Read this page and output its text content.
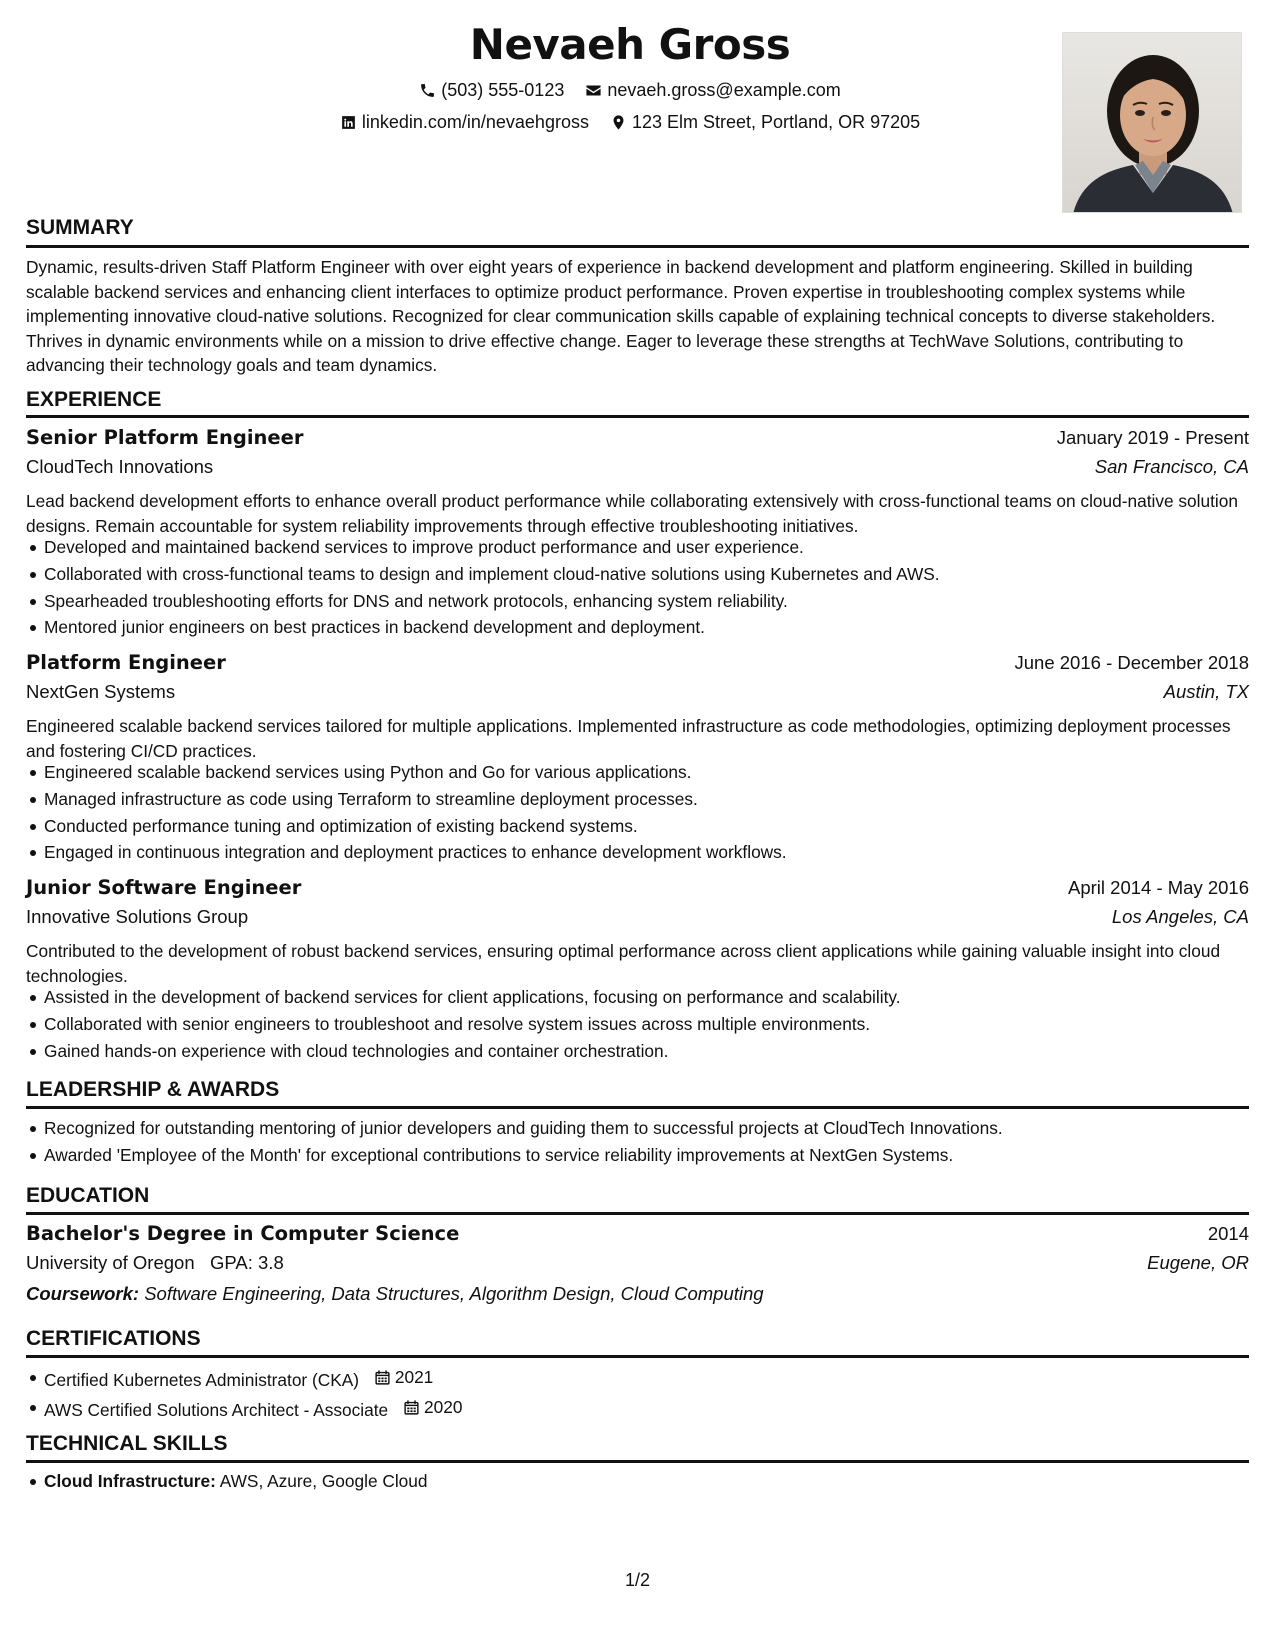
Nevaeh Gross
(503) 555-0123
nevaeh.gross@example.com
linkedin.com/in/nevaehgross
123 Elm Street, Portland, OR 97205
SUMMARY
Dynamic, results-driven Staff Platform Engineer with over eight years of experience in backend development and platform engineering. Skilled in building scalable backend services and enhancing client interfaces to optimize product performance. Proven expertise in troubleshooting complex systems while implementing innovative cloud-native solutions. Recognized for clear communication skills capable of explaining technical concepts to diverse stakeholders. Thrives in dynamic environments while on a mission to drive effective change. Eager to leverage these strengths at TechWave Solutions, contributing to advancing their technology goals and team dynamics.
EXPERIENCE
Senior Platform Engineer	January 2019 - Present
CloudTech Innovations	San Francisco, CA
Lead backend development efforts to enhance overall product performance while collaborating extensively with cross-functional teams on cloud-native solution designs. Remain accountable for system reliability improvements through effective troubleshooting initiatives.
Developed and maintained backend services to improve product performance and user experience.
Collaborated with cross-functional teams to design and implement cloud-native solutions using Kubernetes and AWS.
Spearheaded troubleshooting efforts for DNS and network protocols, enhancing system reliability.
Mentored junior engineers on best practices in backend development and deployment.
Platform Engineer	June 2016 - December 2018
NextGen Systems	Austin, TX
Engineered scalable backend services tailored for multiple applications. Implemented infrastructure as code methodologies, optimizing deployment processes and fostering CI/CD practices.
Engineered scalable backend services using Python and Go for various applications.
Managed infrastructure as code using Terraform to streamline deployment processes.
Conducted performance tuning and optimization of existing backend systems.
Engaged in continuous integration and deployment practices to enhance development workflows.
Junior Software Engineer	April 2014 - May 2016
Innovative Solutions Group	Los Angeles, CA
Contributed to the development of robust backend services, ensuring optimal performance across client applications while gaining valuable insight into cloud technologies.
Assisted in the development of backend services for client applications, focusing on performance and scalability.
Collaborated with senior engineers to troubleshoot and resolve system issues across multiple environments.
Gained hands-on experience with cloud technologies and container orchestration.
LEADERSHIP & AWARDS
Recognized for outstanding mentoring of junior developers and guiding them to successful projects at CloudTech Innovations.
Awarded 'Employee of the Month' for exceptional contributions to service reliability improvements at NextGen Systems.
EDUCATION
Bachelor's Degree in Computer Science	2014
University of Oregon GPA: 3.8	Eugene, OR
Coursework: Software Engineering, Data Structures, Algorithm Design, Cloud Computing
CERTIFICATIONS
Certified Kubernetes Administrator (CKA) 2021
AWS Certified Solutions Architect - Associate 2020
TECHNICAL SKILLS
Cloud Infrastructure: AWS, Azure, Google Cloud
1/2
